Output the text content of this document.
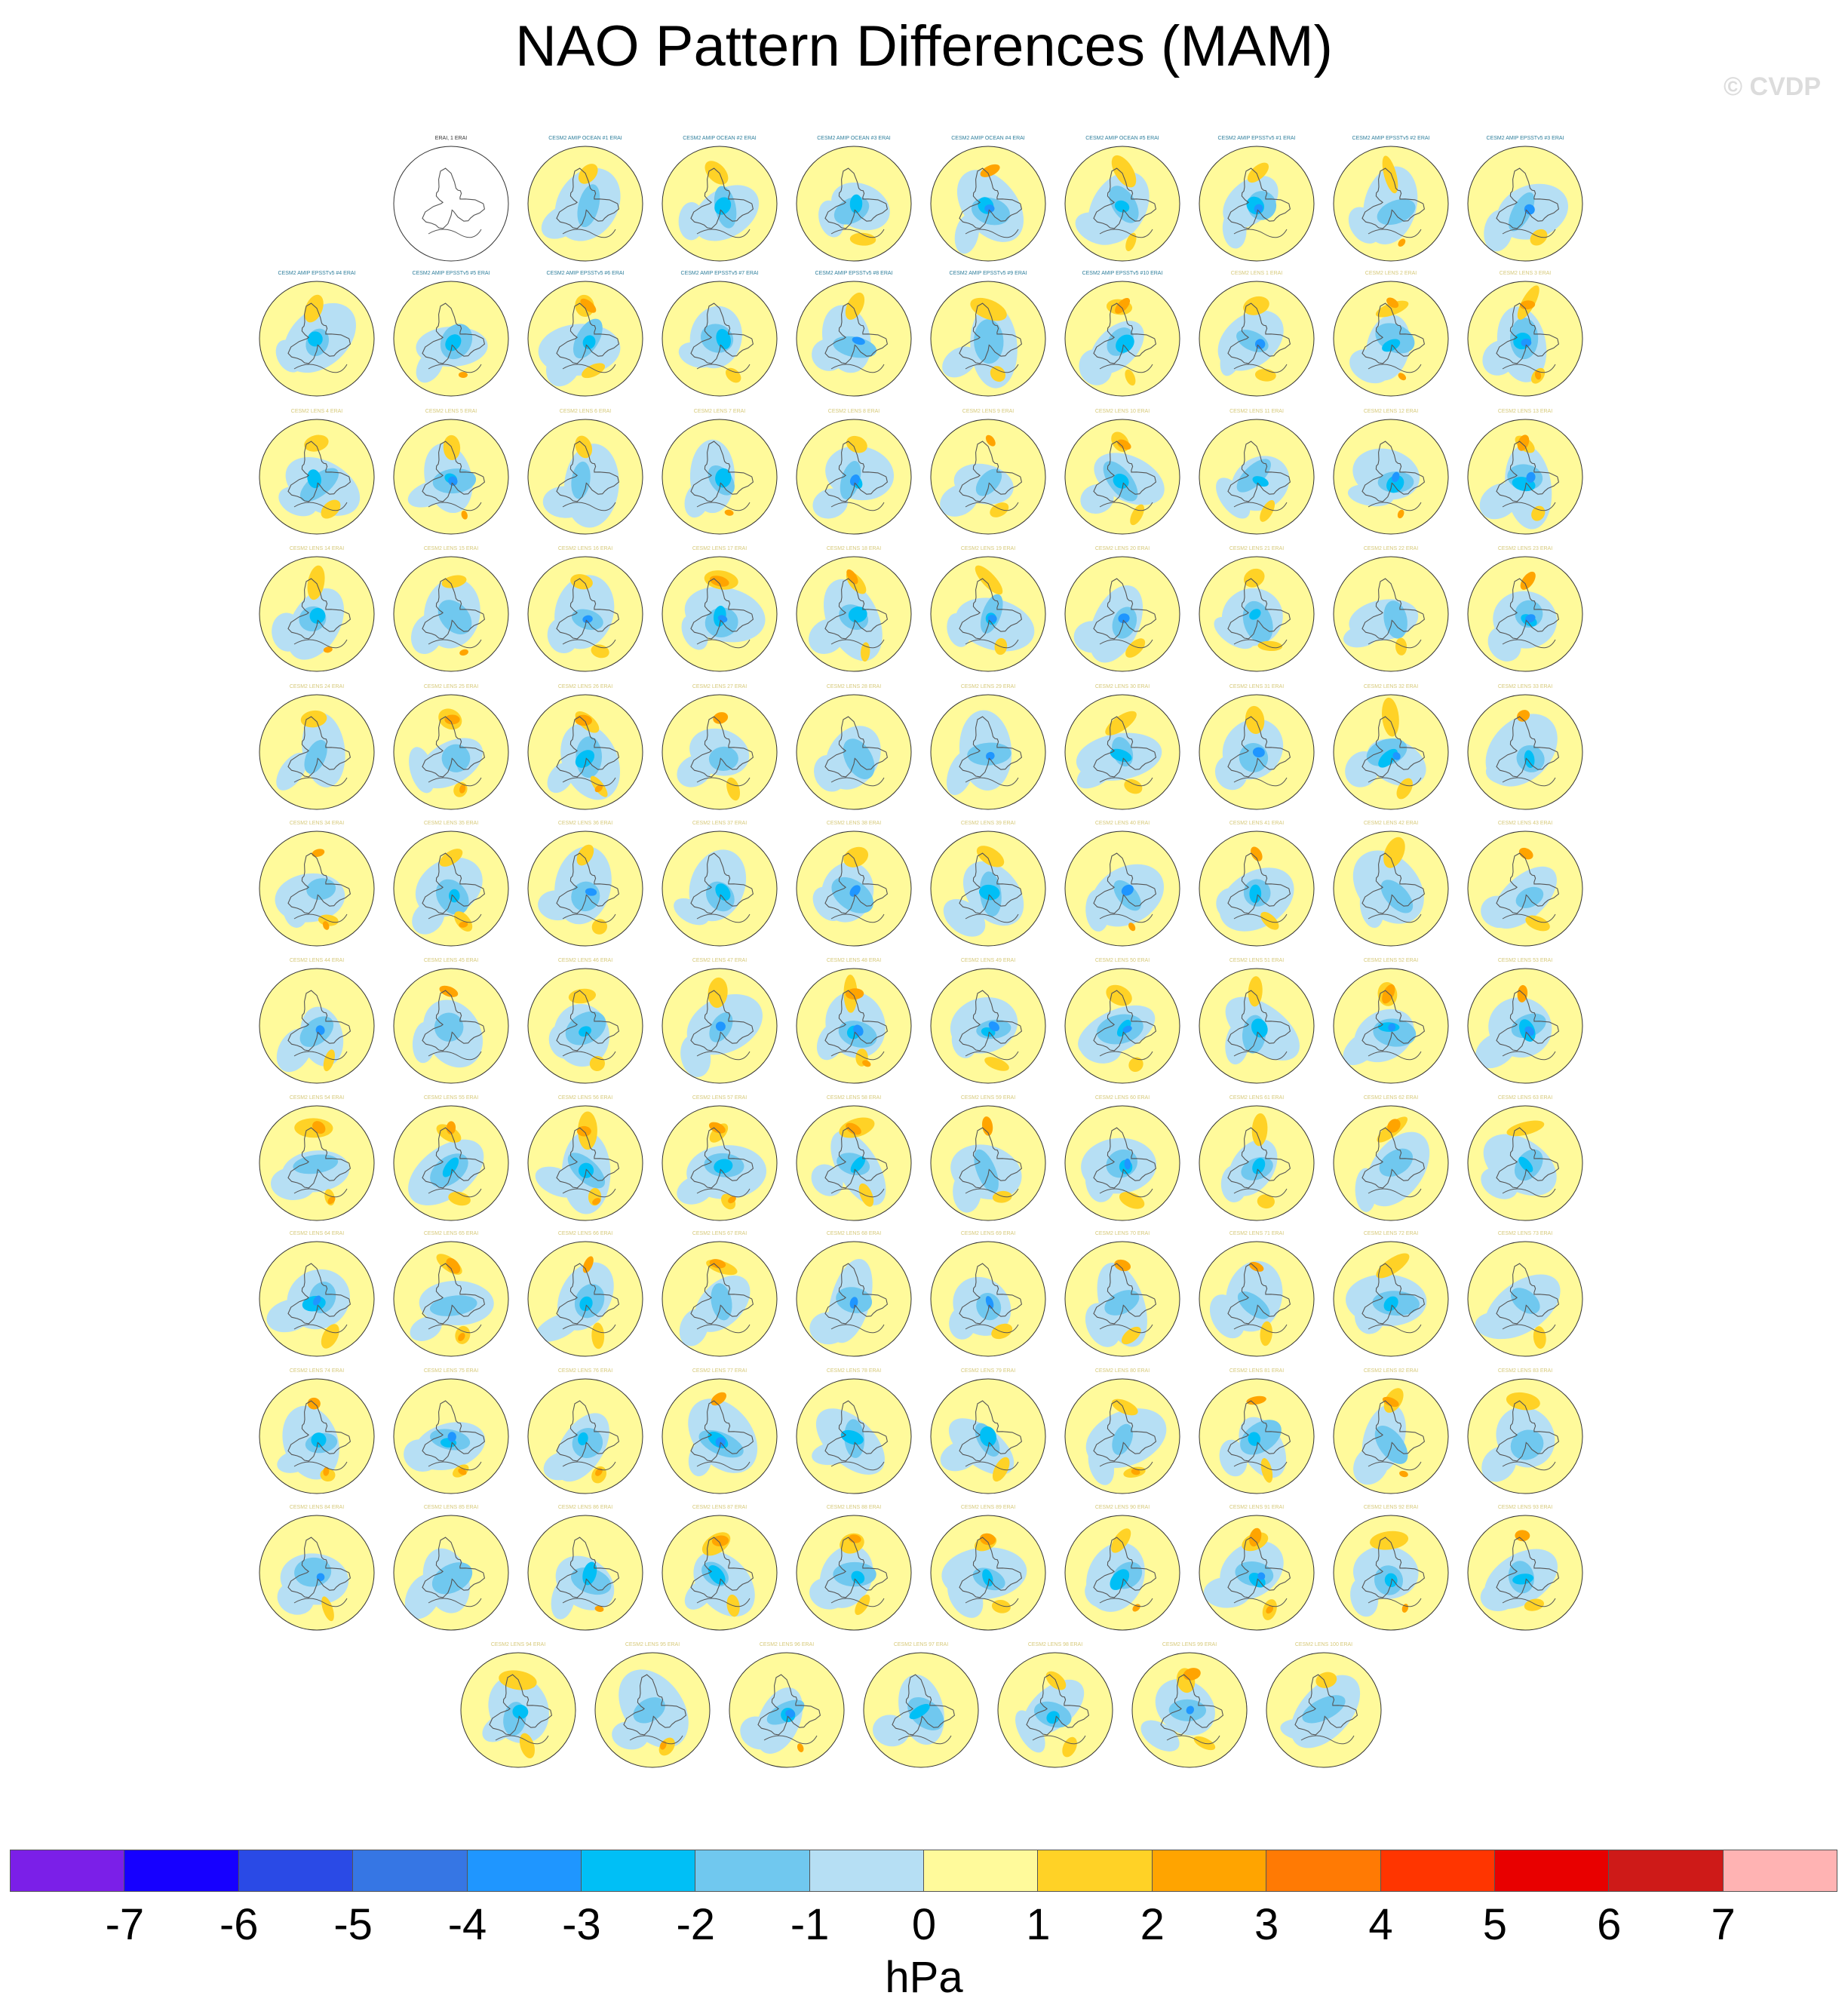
NAO Pattern Differences (MAM)
© CVDP
ERAI, 1 ERAI	CESM2 AMIP OCEAN #1 ERAI	CESM2 AMIP OCEAN #2 ERAI	CESM2 AMIP OCEAN #3 ERAI	CESM2 AMIP OCEAN #4 ERAI	CESM2 AMIP OCEAN #5 ERAI	CESM2 AMIP EPSSTv5 #1 ERAI	CESM2 AMIP EPSSTv5 #2 ERAI	CESM2 AMIP EPSSTv5 #3 ERAI
CESM2 AMIP EPSSTv5 #4 ERAI	CESM2 AMIP EPSSTv5 #5 ERAI	CESM2 AMIP EPSSTv5 #6 ERAI	CESM2 AMIP EPSSTv5 #7 ERAI	CESM2 AMIP EPSSTv5 #8 ERAI	CESM2 AMIP EPSSTv5 #9 ERAI	CESM2 AMIP EPSSTv5 #10 ERAI	CESM2 LENS 1 ERAI	CESM2 LENS 2 ERAI	CESM2 LENS 3 ERAI
CESM2 LENS 4 ERAI	CESM2 LENS 5 ERAI	CESM2 LENS 6 ERAI	CESM2 LENS 7 ERAI	CESM2 LENS 8 ERAI	CESM2 LENS 9 ERAI	CESM2 LENS 10 ERAI	CESM2 LENS 11 ERAI	CESM2 LENS 12 ERAI	CESM2 LENS 13 ERAI
CESM2 LENS 14 ERAI	CESM2 LENS 15 ERAI	CESM2 LENS 16 ERAI	CESM2 LENS 17 ERAI	CESM2 LENS 18 ERAI	CESM2 LENS 19 ERAI	CESM2 LENS 20 ERAI	CESM2 LENS 21 ERAI	CESM2 LENS 22 ERAI	CESM2 LENS 23 ERAI
CESM2 LENS 24 ERAI	CESM2 LENS 25 ERAI	CESM2 LENS 26 ERAI	CESM2 LENS 27 ERAI	CESM2 LENS 28 ERAI	CESM2 LENS 29 ERAI	CESM2 LENS 30 ERAI	CESM2 LENS 31 ERAI	CESM2 LENS 32 ERAI	CESM2 LENS 33 ERAI
CESM2 LENS 34 ERAI	CESM2 LENS 35 ERAI	CESM2 LENS 36 ERAI	CESM2 LENS 37 ERAI	CESM2 LENS 38 ERAI	CESM2 LENS 39 ERAI	CESM2 LENS 40 ERAI	CESM2 LENS 41 ERAI	CESM2 LENS 42 ERAI	CESM2 LENS 43 ERAI
CESM2 LENS 44 ERAI	CESM2 LENS 45 ERAI	CESM2 LENS 46 ERAI	CESM2 LENS 47 ERAI	CESM2 LENS 48 ERAI	CESM2 LENS 49 ERAI	CESM2 LENS 50 ERAI	CESM2 LENS 51 ERAI	CESM2 LENS 52 ERAI	CESM2 LENS 53 ERAI
CESM2 LENS 54 ERAI	CESM2 LENS 55 ERAI	CESM2 LENS 56 ERAI	CESM2 LENS 57 ERAI	CESM2 LENS 58 ERAI	CESM2 LENS 59 ERAI	CESM2 LENS 60 ERAI	CESM2 LENS 61 ERAI	CESM2 LENS 62 ERAI	CESM2 LENS 63 ERAI
CESM2 LENS 64 ERAI	CESM2 LENS 65 ERAI	CESM2 LENS 66 ERAI	CESM2 LENS 67 ERAI	CESM2 LENS 68 ERAI	CESM2 LENS 69 ERAI	CESM2 LENS 70 ERAI	CESM2 LENS 71 ERAI	CESM2 LENS 72 ERAI	CESM2 LENS 73 ERAI
CESM2 LENS 74 ERAI	CESM2 LENS 75 ERAI	CESM2 LENS 76 ERAI	CESM2 LENS 77 ERAI	CESM2 LENS 78 ERAI	CESM2 LENS 79 ERAI	CESM2 LENS 80 ERAI	CESM2 LENS 81 ERAI	CESM2 LENS 82 ERAI	CESM2 LENS 83 ERAI
CESM2 LENS 84 ERAI	CESM2 LENS 85 ERAI	CESM2 LENS 86 ERAI	CESM2 LENS 87 ERAI	CESM2 LENS 88 ERAI	CESM2 LENS 89 ERAI	CESM2 LENS 90 ERAI	CESM2 LENS 91 ERAI	CESM2 LENS 92 ERAI	CESM2 LENS 93 ERAI
CESM2 LENS 94 ERAI	CESM2 LENS 95 ERAI	CESM2 LENS 96 ERAI	CESM2 LENS 97 ERAI	CESM2 LENS 98 ERAI	CESM2 LENS 99 ERAI	CESM2 LENS 100 ERAI
-7 -6 -5 -4 -3 -2 -1 0 1 2 3 4 5 6 7
hPa
